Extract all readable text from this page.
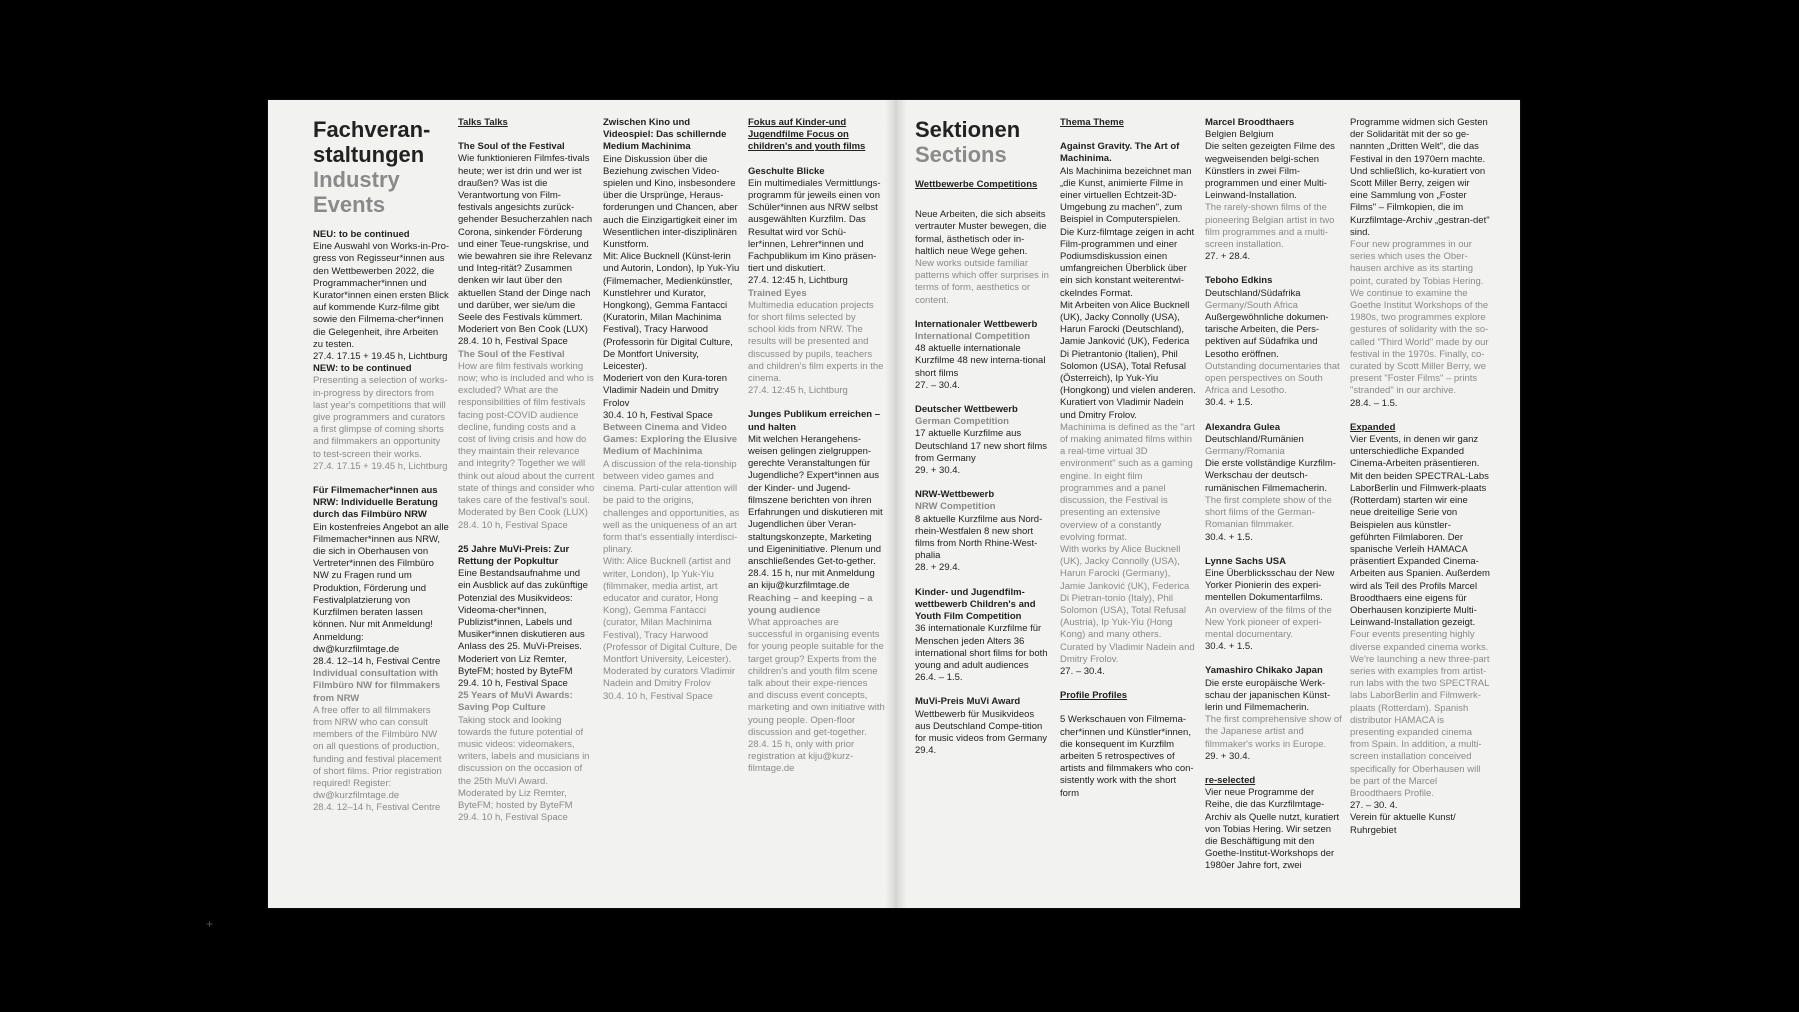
Fachveran-

staltungen

Industry

Events

NEU: to be continued

Eine Auswahl von Works-in-Pro-gress von Regisseur*innen aus den Wettbewerben 2022, die Programmacher*innen und Kurator*innen einen ersten Blick auf kommende Kurz-filme gibt sowie den Filmema-cher*innen die Gelegenheit, ihre Arbeiten zu testen.

27.4. 17.15 + 19.45 h, Lichtburg

NEW: to be continued

Presenting a selection of works-in-progress by directors from last year's competitions that will give programmers and curators a first glimpse of coming shorts and filmmakers an opportunity to test-screen their works.

27.4. 17.15 + 19.45 h, Lichtburg

Für Filmemacher*innen aus NRW: Individuelle Beratung durch das Filmbüro NRW

Ein kostenfreies Angebot an alle Filmemacher*innen aus NRW, die sich in Oberhausen von Vertreter*innen des Filmbüro NW zu Fragen rund um Produktion, Förderung und Festivalplatzierung von Kurzfilmen beraten lassen können. Nur mit Anmeldung! Anmeldung: dw@kurzfilmtage.de

28.4. 12–14 h, Festival Centre

Individual consultation with Filmbüro NW for filmmakers from NRW

A free offer to all filmmakers from NRW who can consult members of the Filmbüro NW on all questions of production, funding and festival placement of short films. Prior registration required! Register: dw@kurzfilmtage.de

28.4. 12–14 h, Festival Centre

Talks Talks

The Soul of the Festival

Wie funktionieren Filmfes-tivals heute; wer ist drin und wer ist draußen? Was ist die Verantwortung von Film-festivals angesichts zurück-gehender Besucherzahlen nach Corona, sinkender Förderung und einer Teue-rungskrise, und wie bewahren sie ihre Relevanz und Integ-rität? Zusammen denken wir laut über den aktuellen Stand der Dinge nach und darüber, wer sie/um die Seele des Festivals kümmert.

Moderiert von Ben Cook (LUX)

28.4. 10 h, Festival Space

The Soul of the Festival

How are film festivals working now; who is included and who is excluded? What are the responsibilities of film festivals facing post-COVID audience decline, funding costs and a cost of living crisis and how do they maintain their relevance and integrity? Together we will think out aloud about the current state of things and consider who takes care of the festival's soul.

Moderated by Ben Cook (LUX)

28.4. 10 h, Festival Space

25 Jahre MuVi-Preis: Zur Rettung der Popkultur

Eine Bestandsaufnahme und ein Ausblick auf das zukünftige Potenzial des Musikvideos: Videoma-cher*innen, Publizist*innen, Labels und Musiker*innen diskutieren aus Anlass des 25. MuVi-Preises.

Moderiert von Liz Remter, ByteFM; hosted by ByteFM

29.4. 10 h, Festival Space

25 Years of MuVi Awards: Saving Pop Culture

Taking stock and looking towards the future potential of music videos: videomakers, writers, labels and musicians in discussion on the occasion of the 25th MuVi Award.

Moderated by Liz Remter, ByteFM; hosted by ByteFM

29.4. 10 h, Festival Space

Zwischen Kino und Videospiel: Das schillernde Medium Machinima

Eine Diskussion über die Beziehung zwischen Video-spielen und Kino, insbesondere über die Ursprünge, Heraus-forderungen und Chancen, aber auch die Einzigartigkeit einer im Wesentlichen inter-disziplinären Kunstform.

Mit: Alice Bucknell (Künst-lerin und Autorin, London), Ip Yuk-Yiu (Filmemacher, Medienkünstler, Kunstlehrer und Kurator, Hongkong), Gemma Fantacci (Kuratorin, Milan Machinima Festival), Tracy Harwood (Professorin für Digital Culture, De Montfort University, Leicester).

Moderiert von den Kura-toren Vladimir Nadein und Dmitry Frolov

30.4. 10 h, Festival Space

Between Cinema and Video Games: Exploring the Elusive Medium of Machinima

A discussion of the rela-tionship between video games and cinema. Parti-cular attention will be paid to the origins, challenges and opportunities, as well as the uniqueness of an art form that's essentially interdisci-plinary.

With: Alice Bucknell (artist and writer, London), Ip Yuk-Yiu (filmmaker, media artist, art educator and curator, Hong Kong), Gemma Fantacci (curator, Milan Machinima Festival), Tracy Harwood (Professor of Digital Culture, De Montfort University, Leicester).

Moderated by curators Vladimir Nadein and Dmitry Frolov

30.4. 10 h, Festival Space

Fokus auf Kinder-und Jugendfilme Focus on children's and youth films

Geschulte Blicke

Ein multimediales Vermittlungs-programm für jeweils einen von Schüler*innen aus NRW selbst ausgewählten Kurzfilm. Das Resultat wird vor Schü-ler*innen, Lehrer*innen und Fachpublikum im Kino präsen-tiert und diskutiert.

27.4. 12:45 h, Lichtburg

Trained Eyes

Multimedia education projects for short films selected by school kids from NRW. The results will be presented and discussed by pupils, teachers and children's film experts in the cinema.

27.4. 12:45 h, Lichtburg

Junges Publikum erreichen – und halten

Mit welchen Herangehens-weisen gelingen zielgruppen-gerechte Veranstaltungen für Jugendliche? Expert*innen aus der Kinder- und Jugend-filmszene berichten von ihren Erfahrungen und diskutieren mit Jugendlichen über Veran-staltungskonzepte, Marketing und Eigeninitiative. Plenum und anschließendes Get-to-gether.

28.4. 15 h, nur mit Anmeldung an kiju@kurzfilmtage.de

Reaching – and keeping – a young audience

What approaches are successful in organising events for young people suitable for the target group? Experts from the children's and youth film scene talk about their expe-riences and discuss event concepts, marketing and own initiative with young people. Open-floor discussion and get-together.

28.4. 15 h, only with prior registration at kiju@kurz-filmtage.de

Sektionen

Sections

Wettbewerbe Competitions

Neue Arbeiten, die sich abseits vertrauter Muster bewegen, die formal, ästhetisch oder in-haltlich neue Wege gehen.

New works outside familiar patterns which offer surprises in terms of form, aesthetics or content.

Internationaler Wettbewerb

International Competition

48 aktuelle internationale Kurzfilme 48 new interna-tional short films

27. – 30.4.

Deutscher Wettbewerb

German Competition

17 aktuelle Kurzfilme aus Deutschland 17 new short films from Germany

29. + 30.4.

NRW-Wettbewerb

NRW Competition

8 aktuelle Kurzfilme aus Nord-rhein-Westfalen 8 new short films from North Rhine-West-phalia

28. + 29.4.

Kinder- und Jugendfilm-wettbewerb Children's and Youth Film Competition

36 internationale Kurzfilme für Menschen jeden Alters 36 international short films for both young and adult audiences

26.4. – 1.5.

MuVi-Preis MuVi Award

Wettbewerb für Musikvideos aus Deutschland Compe-tition for music videos from Germany

29.4.

Thema Theme

Against Gravity. The Art of Machinima.

Als Machinima bezeichnet man „die Kunst, animierte Filme in einer virtuellen Echtzeit-3D-Umgebung zu machen", zum Beispiel in Computerspielen. Die Kurz-filmtage zeigen in acht Film-programmen und einer Podiumsdiskussion einen umfangreichen Überblick über ein sich konstant weiterentwi-ckelndes Format.

Mit Arbeiten von Alice Bucknell (UK), Jacky Connolly (USA), Harun Farocki (Deutschland), Jamie Janković (UK), Federica Di Pietrantonio (Italien), Phil Solomon (USA), Total Refusal (Österreich), Ip Yuk-Yiu (Hongkong) und vielen anderen.

Kuratiert von Vladimir Nadein und Dmitry Frolov.

Machinima is defined as the "art of making animated films within a real-time virtual 3D environment" such as a gaming engine. In eight film programmes and a panel discussion, the Festival is presenting an extensive overview of a constantly evolving format.

With works by Alice Bucknell (UK), Jacky Connolly (USA), Harun Farocki (Germany), Jamie Janković (UK), Federica Di Pietran-tonio (Italy), Phil Solomon (USA), Total Refusal (Austria), Ip Yuk-Yiu (Hong Kong) and many others.

Curated by Vladimir Nadein and Dmitry Frolov.

27. – 30.4.

Profile Profiles

5 Werkschauen von Filmema-cher*innen und Künstler*innen, die konsequent im Kurzfilm arbeiten 5 retrospectives of artists and filmmakers who con-sistently work with the short form

Marcel Broodthaers

Belgien Belgium

Die selten gezeigten Filme des wegweisenden belgi-schen Künstlers in zwei Film-programmen und einer Multi-Leinwand-Installation.

The rarely-shown films of the pioneering Belgian artist in two film programmes and a multi-screen installation.

27. + 28.4.

Teboho Edkins

Deutschland/Südafrika

Germany/South Africa

Außergewöhnliche dokumen-tarische Arbeiten, die Pers-pektiven auf Südafrika und Lesotho eröffnen.

Outstanding documentaries that open perspectives on South Africa and Lesotho.

30.4. + 1.5.

Alexandra Gulea

Deutschland/Rumänien

Germany/Romania

Die erste vollständige Kurzfilm-Werkschau der deutsch-rumänischen Filmemacherin.

The first complete show of the short films of the German-Romanian filmmaker.

30.4. + 1.5.

Lynne Sachs USA

Eine Überblicksschau der New Yorker Pionierin des experi-mentellen Dokumentarfilms.

An overview of the films of the New York pioneer of experi-mental documentary.

30.4. + 1.5.

Yamashiro Chikako Japan

Die erste europäische Werk-schau der japanischen Künst-lerin und Filmemacherin.

The first comprehensive show of the Japanese artist and filmmaker's works in Europe.

29. + 30.4.

re-selected

Vier neue Programme der Reihe, die das Kurzfilmtage-Archiv als Quelle nutzt, kuratiert von Tobias Hering. Wir setzen die Beschäftigung mit den Goethe-Institut-Workshops der 1980er Jahre fort, zwei

Programme widmen sich Gesten der Solidarität mit der so ge-nannten „Dritten Welt", die das Festival in den 1970ern machte. Und schließlich, ko-kuratiert von Scott Miller Berry, zeigen wir eine Sammlung von „Foster Films" – Filmkopien, die im Kurzfilmtage-Archiv „gestran-det" sind.

Four new programmes in our series which uses the Ober-hausen archive as its starting point, curated by Tobias Hering. We continue to examine the Goethe Institut Workshops of the 1980s, two programmes explore gestures of solidarity with the so-called "Third World" made by our festival in the 1970s. Finally, co-curated by Scott Miller Berry, we present "Foster Films" – prints "stranded" in our archive.

28.4. – 1.5.

Expanded

Vier Events, in denen wir ganz unterschiedliche Expanded Cinema-Arbeiten präsentieren. Mit den beiden SPECTRAL-Labs LaborBerlin und Filmwerk-plaats (Rotterdam) starten wir eine neue dreiteilige Serie von Beispielen aus künstler-geführten Filmlaboren. Der spanische Verleih HAMACA präsentiert Expanded Cinema-Arbeiten aus Spanien. Außerdem wird als Teil des Profils Marcel Broodthaers eine eigens für Oberhausen konzipierte Multi-Leinwand-Installation gezeigt.

Four events presenting highly diverse expanded cinema works. We're launching a new three-part series with examples from artist-run labs with the two SPECTRAL labs LaborBerlin and Filmwerk-plaats (Rotterdam). Spanish distributor HAMACA is presenting expanded cinema from Spain. In addition, a multi-screen installation conceived specifically for Oberhausen will be part of the Marcel Broodthaers Profile.

27. – 30. 4.

Verein für aktuelle Kunst/ Ruhrgebiet

+
